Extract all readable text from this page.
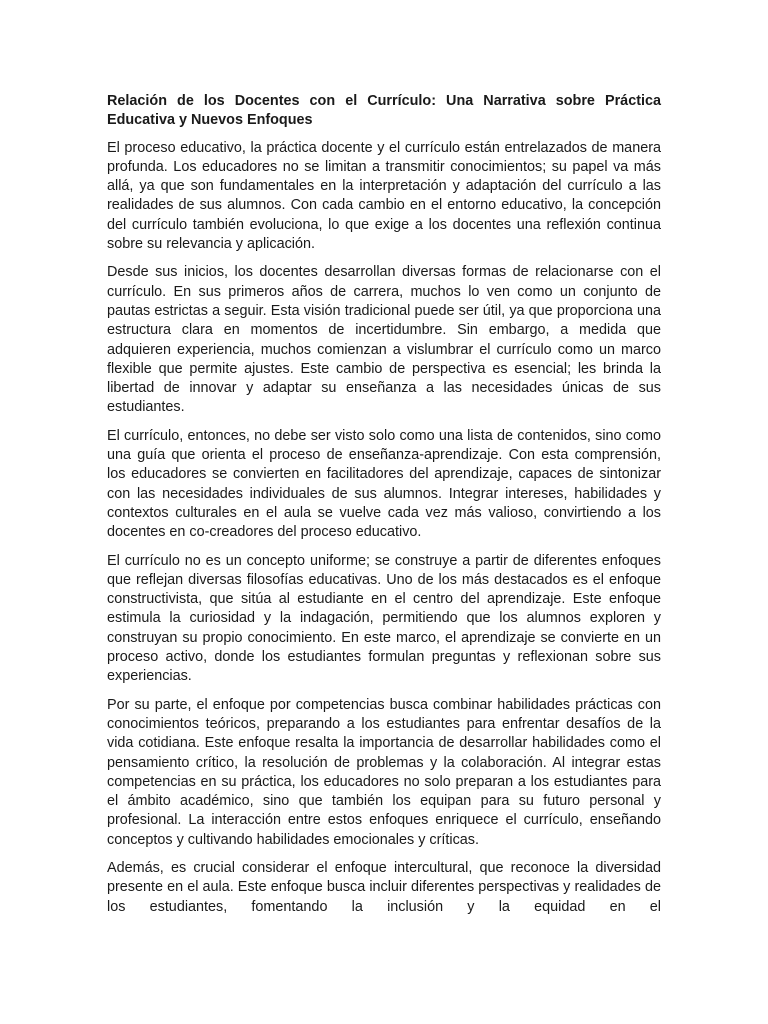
Relación de los Docentes con el Currículo: Una Narrativa sobre Práctica Educativa y Nuevos Enfoques

El proceso educativo, la práctica docente y el currículo están entrelazados de manera profunda. Los educadores no se limitan a transmitir conocimientos; su papel va más allá, ya que son fundamentales en la interpretación y adaptación del currículo a las realidades de sus alumnos. Con cada cambio en el entorno educativo, la concepción del currículo también evoluciona, lo que exige a los docentes una reflexión continua sobre su relevancia y aplicación.

Desde sus inicios, los docentes desarrollan diversas formas de relacionarse con el currículo. En sus primeros años de carrera, muchos lo ven como un conjunto de pautas estrictas a seguir. Esta visión tradicional puede ser útil, ya que proporciona una estructura clara en momentos de incertidumbre. Sin embargo, a medida que adquieren experiencia, muchos comienzan a vislumbrar el currículo como un marco flexible que permite ajustes. Este cambio de perspectiva es esencial; les brinda la libertad de innovar y adaptar su enseñanza a las necesidades únicas de sus estudiantes.

El currículo, entonces, no debe ser visto solo como una lista de contenidos, sino como una guía que orienta el proceso de enseñanza-aprendizaje. Con esta comprensión, los educadores se convierten en facilitadores del aprendizaje, capaces de sintonizar con las necesidades individuales de sus alumnos. Integrar intereses, habilidades y contextos culturales en el aula se vuelve cada vez más valioso, convirtiendo a los docentes en co-creadores del proceso educativo.

El currículo no es un concepto uniforme; se construye a partir de diferentes enfoques que reflejan diversas filosofías educativas. Uno de los más destacados es el enfoque constructivista, que sitúa al estudiante en el centro del aprendizaje. Este enfoque estimula la curiosidad y la indagación, permitiendo que los alumnos exploren y construyan su propio conocimiento. En este marco, el aprendizaje se convierte en un proceso activo, donde los estudiantes formulan preguntas y reflexionan sobre sus experiencias.

Por su parte, el enfoque por competencias busca combinar habilidades prácticas con conocimientos teóricos, preparando a los estudiantes para enfrentar desafíos de la vida cotidiana. Este enfoque resalta la importancia de desarrollar habilidades como el pensamiento crítico, la resolución de problemas y la colaboración. Al integrar estas competencias en su práctica, los educadores no solo preparan a los estudiantes para el ámbito académico, sino que también los equipan para su futuro personal y profesional. La interacción entre estos enfoques enriquece el currículo, enseñando conceptos y cultivando habilidades emocionales y críticas.

Además, es crucial considerar el enfoque intercultural, que reconoce la diversidad presente en el aula. Este enfoque busca incluir diferentes perspectivas y realidades de los estudiantes, fomentando la inclusión y la equidad en el
